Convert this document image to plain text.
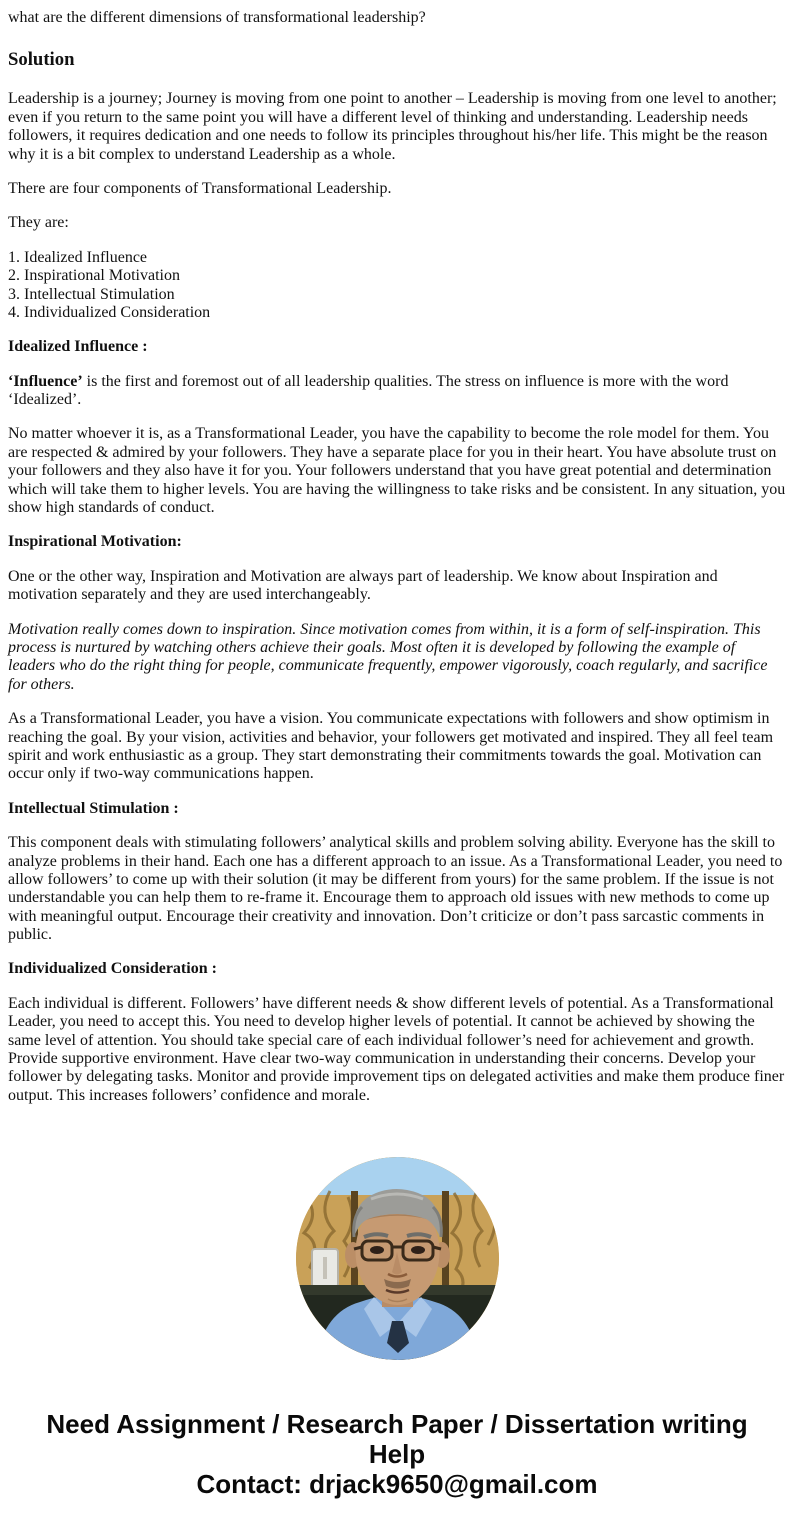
what are the different dimensions of transformational leadership?

Solution

Leadership is a journey; Journey is moving from one point to another – Leadership is moving from one level to another; even if you return to the same point you will have a different level of thinking and understanding. Leadership needs followers, it requires dedication and one needs to follow its principles throughout his/her life. This might be the reason why it is a bit complex to understand Leadership as a whole.

There are four components of Transformational Leadership.

They are:

1. Idealized Influence
2. Inspirational Motivation
3. Intellectual Stimulation
4. Individualized Consideration

Idealized Influence :

‘Influence’ is the first and foremost out of all leadership qualities. The stress on influence is more with the word ‘Idealized’.

No matter whoever it is, as a Transformational Leader, you have the capability to become the role model for them. You are respected & admired by your followers. They have a separate place for you in their heart. You have absolute trust on your followers and they also have it for you. Your followers understand that you have great potential and determination which will take them to higher levels. You are having the willingness to take risks and be consistent. In any situation, you show high standards of conduct.

Inspirational Motivation:

One or the other way, Inspiration and Motivation are always part of leadership. We know about Inspiration and motivation separately and they are used interchangeably.

Motivation really comes down to inspiration. Since motivation comes from within, it is a form of self-inspiration. This process is nurtured by watching others achieve their goals. Most often it is developed by following the example of leaders who do the right thing for people, communicate frequently, empower vigorously, coach regularly, and sacrifice for others.

As a Transformational Leader, you have a vision. You communicate expectations with followers and show optimism in reaching the goal. By your vision, activities and behavior, your followers get motivated and inspired. They all feel team spirit and work enthusiastic as a group. They start demonstrating their commitments towards the goal. Motivation can occur only if two-way communications happen.

Intellectual Stimulation :

This component deals with stimulating followers’ analytical skills and problem solving ability. Everyone has the skill to analyze problems in their hand. Each one has a different approach to an issue. As a Transformational Leader, you need to allow followers’ to come up with their solution (it may be different from yours) for the same problem. If the issue is not understandable you can help them to re-frame it. Encourage them to approach old issues with new methods to come up with meaningful output. Encourage their creativity and innovation. Don’t criticize or don’t pass sarcastic comments in public.

Individualized Consideration :

Each individual is different. Followers’ have different needs & show different levels of potential. As a Transformational Leader, you need to accept this. You need to develop higher levels of potential. It cannot be achieved by showing the same level of attention. You should take special care of each individual follower’s need for achievement and growth. Provide supportive environment. Have clear two-way communication in understanding their concerns. Develop your follower by delegating tasks. Monitor and provide improvement tips on delegated activities and make them produce finer output. This increases followers’ confidence and morale.

Need Assignment / Research Paper / Dissertation writing Help
Contact: drjack9650@gmail.com
